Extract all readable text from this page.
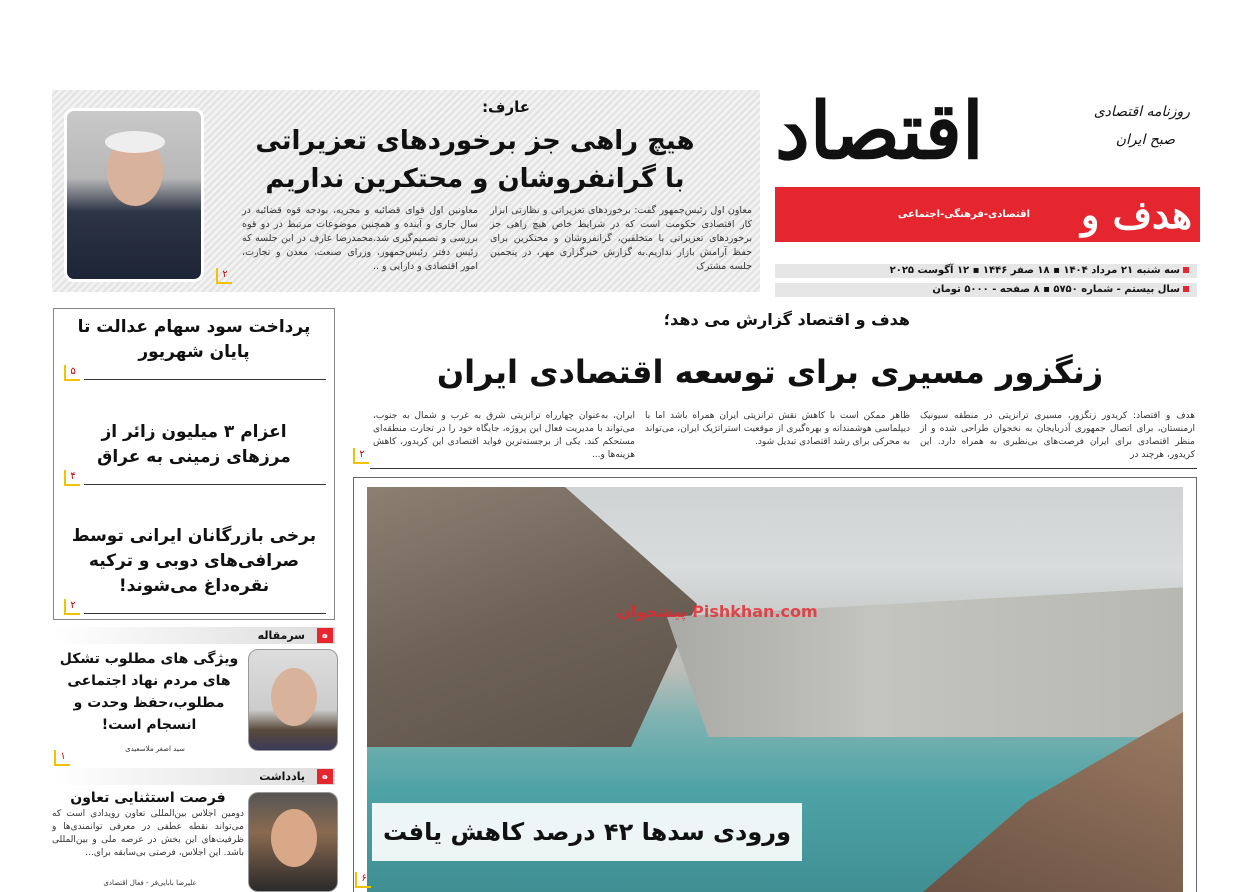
اقتصاد
هدف و
اقتصادی-فرهنگی-اجتماعی
روزنامه اقتصادی
صبح ایران
سه شنبه ۲۱ مرداد ۱۴۰۴ ▪ ۱۸ صفر ۱۴۴۶ ▪ ۱۲ آگوست ۲۰۲۵
سال بیستم - شماره ۵۷۵۰ ▪ ۸ صفحه - ۵۰۰۰ تومان
عارف:
هیچ راهی جز برخوردهای تعزیراتی
با گرانفروشان و محتکرین نداریم
معاون اول رئیس‌جمهور گفت: برخوردهای تعزیراتی و نظارتی ابزار کار اقتصادی حکومت است که در شرایط خاص هیچ راهی جز برخوردهای تعزیراتی با متخلفین، گرانفروشان و محتکرین برای حفظ آرامش بازار نداریم.به گزارش خبرگزاری مهر، در پنجمین جلسه مشترک
معاونین اول قوای قضائیه و مجریه، بودجه قوه قضائیه در سال جاری و آینده و همچنین موضوعات مرتبط در دو قوه بررسی و تصمیم‌گیری شد.محمدرضا عارف در این جلسه که رئیس دفتر رئیس‌جمهور، وزرای صنعت، معدن و تجارت، امور اقتصادی و دارایی و ..
۲
هدف و اقتصاد گزارش می دهد؛
زنگزور مسیری برای توسعه اقتصادی ایران
هدف و اقتصاد: کریدور زنگزور، مسیری ترانزیتی در منطقه سیونیک ارمنستان، برای اتصال جمهوری آذربایجان به نخجوان طراحی شده و از منظر اقتصادی برای ایران فرصت‌های بی‌نظیری به همراه دارد. این کریدور، هرچند در
ظاهر ممکن است با کاهش نقش ترانزیتی ایران همراه باشد اما با دیپلماسی هوشمندانه و بهره‌گیری از موقعیت استراتژیک ایران، می‌تواند به محرکی برای رشد اقتصادی تبدیل شود.
ایران، به‌عنوان چهارراه ترانزیتی شرق به غرب و شمال به جنوب، می‌تواند با مدیریت فعال این پروژه، جایگاه خود را در تجارت منطقه‌ای مستحکم کند. یکی از برجسته‌ترین فواید اقتصادی این کریدور، کاهش هزینه‌ها و...
۲
پرداخت سود سهام عدالت تا پایان شهریور
۵
اعزام ۳ میلیون زائر از مرزهای زمینی به عراق
۴
برخی بازرگانان ایرانی توسط صرافی‌های دوبی و ترکیه نقره‌داغ می‌شوند!
۲
ه
سرمقاله
ویژگی های مطلوب تشکل های مردم نهاد اجتماعی مطلوب،حفظ وحدت و انسجام است!
سید اصغر ملاسعیدی
۱
ه
یادداشت
فرصت استثنایی تعاون
دومین اجلاس بین‌المللی تعاون رویدادی است که می‌تواند نقطه عطفی در معرفی توانمندی‌ها و ظرفیت‌های این بخش در عرصه ملی و بین‌المللی باشد. این اجلاس، فرصتی بی‌سابقه برای...
علیرضا بابایی‌فر - فعال اقتصادی
پیشخوان Pishkhan.com
ورودی سدها ۴۲ درصد کاهش یافت
۶
